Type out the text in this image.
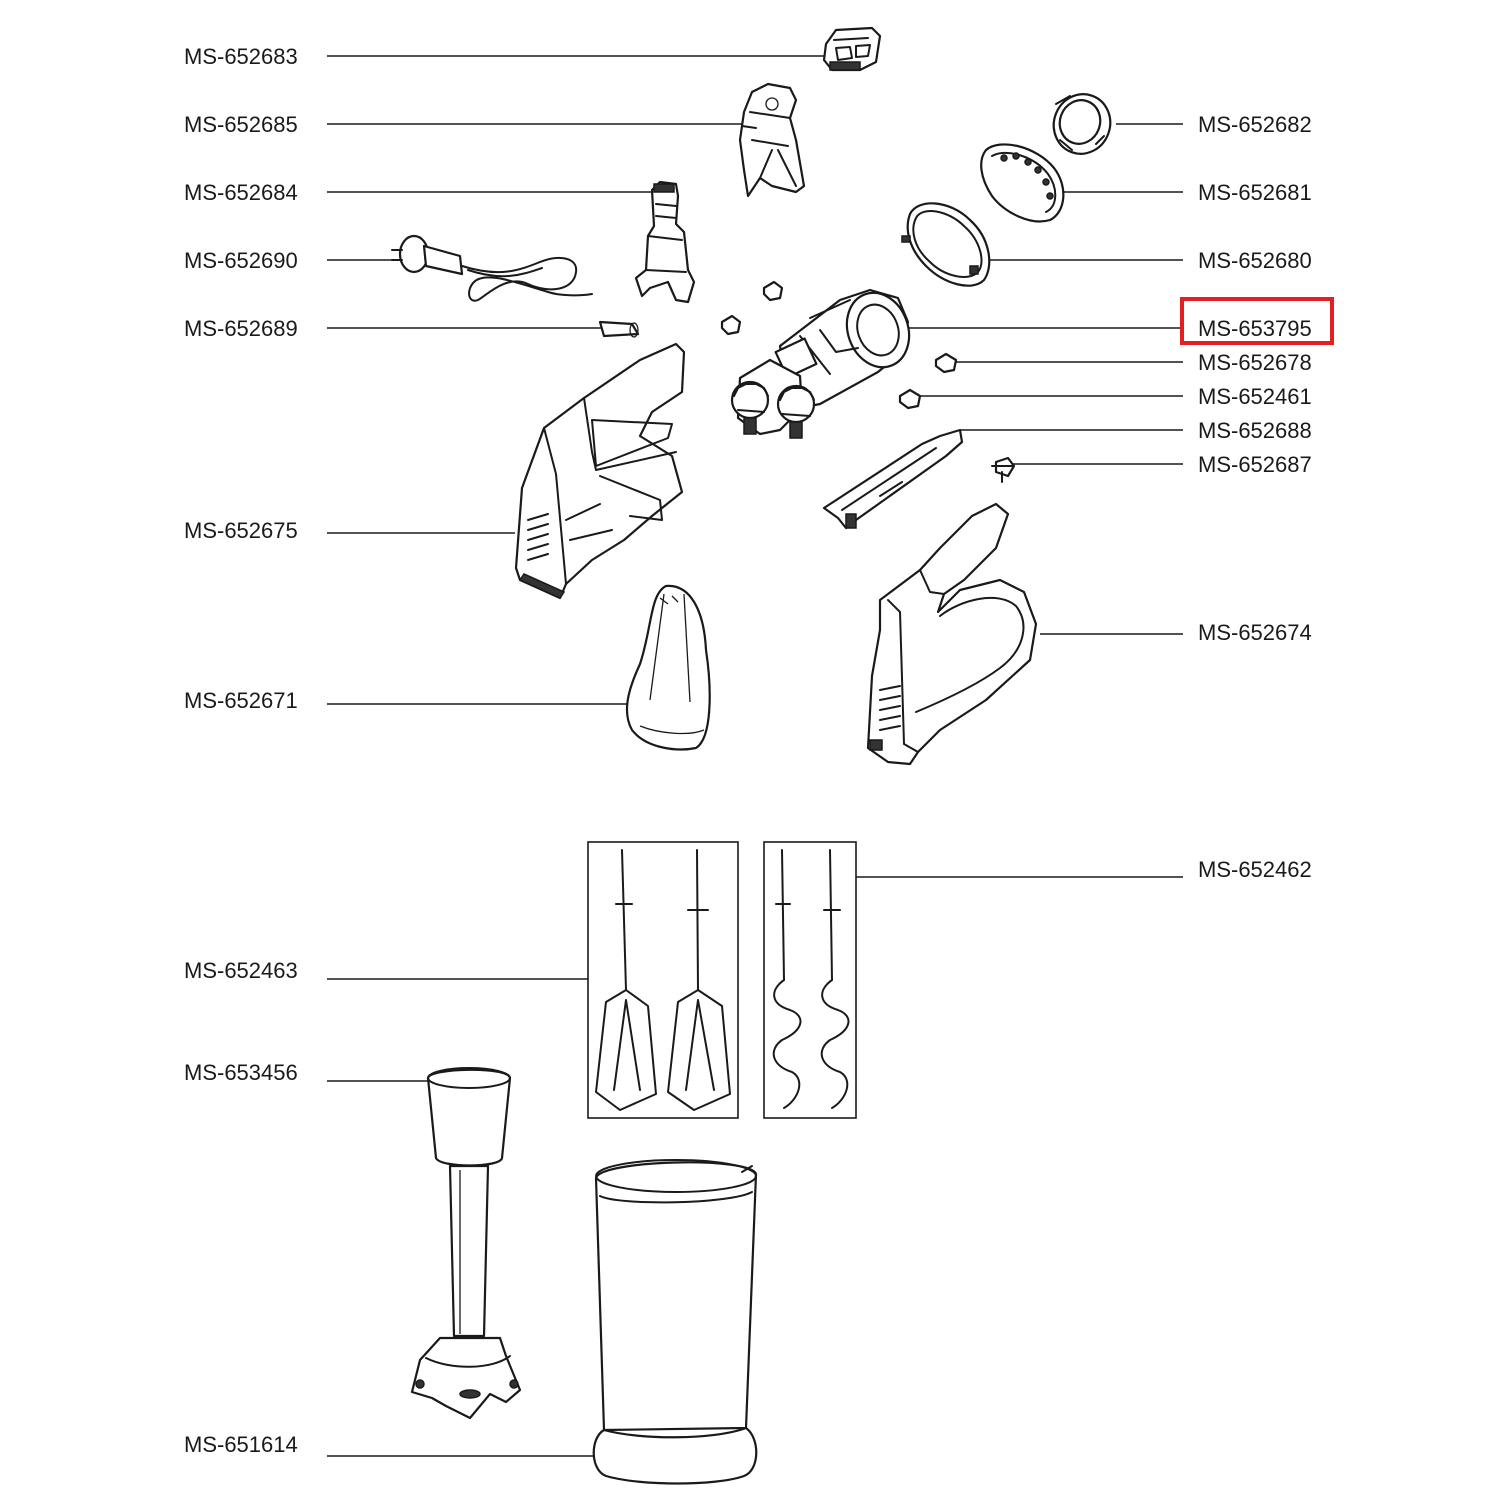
MS-652683
MS-652685
MS-652684
MS-652690
MS-652689
MS-652675
MS-652671
MS-652463
MS-653456
MS-651614
MS-652682
MS-652681
MS-652680
MS-653795
MS-652678
MS-652461
MS-652688
MS-652687
MS-652674
MS-652462
